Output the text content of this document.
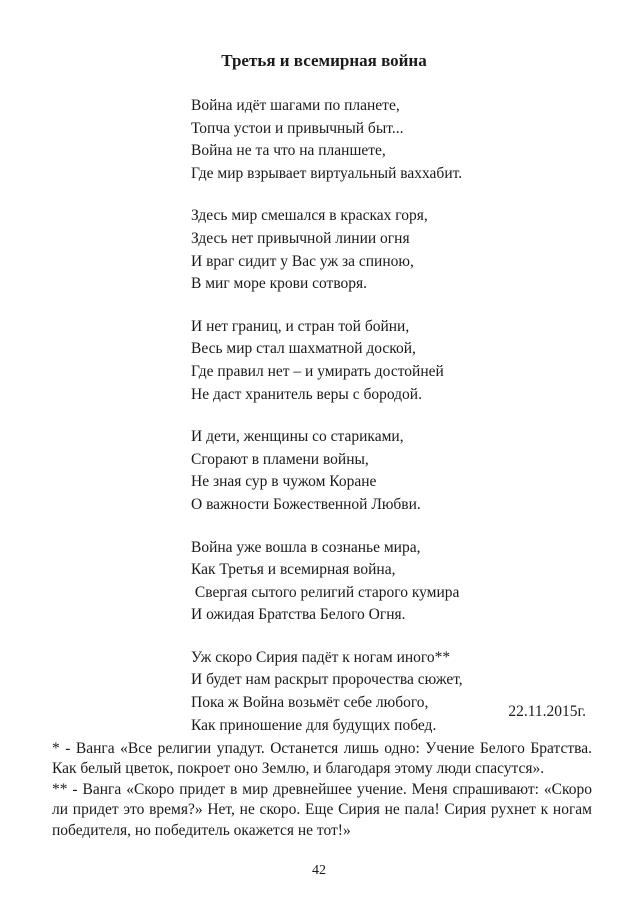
Третья и всемирная война
Война идёт шагами по планете,
Топча устои и привычный быт...
Война не та что на планшете,
Где мир взрывает виртуальный ваххабит.
Здесь мир смешался в красках горя,
Здесь нет привычной линии огня
И враг сидит у Вас уж за спиною,
В миг море крови сотворя.
И нет границ, и стран той бойни,
Весь мир стал шахматной доской,
Где правил нет – и умирать достойней
Не даст хранитель веры с бородой.
И дети, женщины со стариками,
Сгорают в пламени войны,
Не зная сур в чужом Коране
О важности Божественной Любви.
Война уже вошла в сознанье мира,
Как Третья и всемирная война,
Свергая сытого религий старого кумира
И ожидая Братства Белого Огня.
Уж скоро Сирия падёт к ногам иного**
И будет нам раскрыт пророчества сюжет,
Пока ж Война возьмёт себе любого,
Как приношение для будущих побед.
22.11.2015г.
* - Ванга «Все религии упадут. Останется лишь одно: Учение Белого Братства. Как белый цветок, покроет оно Землю, и благодаря этому люди спасутся».
** - Ванга «Скоро придет в мир древнейшее учение. Меня спрашивают: «Скоро ли придет это время?» Нет, не скоро. Еще Сирия не пала! Сирия рухнет к ногам победителя, но победитель окажется не тот!»
42
